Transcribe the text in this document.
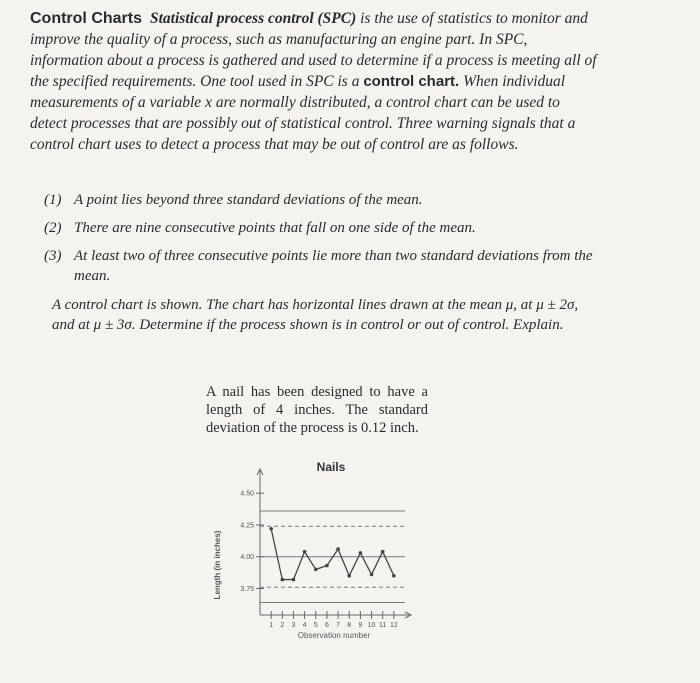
Control Charts Statistical process control (SPC) is the use of statistics to monitor and improve the quality of a process, such as manufacturing an engine part. In SPC, information about a process is gathered and used to determine if a process is meeting all of the specified requirements. One tool used in SPC is a control chart. When individual measurements of a variable x are normally distributed, a control chart can be used to detect processes that are possibly out of statistical control. Three warning signals that a control chart uses to detect a process that may be out of control are as follows.
(1) A point lies beyond three standard deviations of the mean.
(2) There are nine consecutive points that fall on one side of the mean.
(3) At least two of three consecutive points lie more than two standard deviations from the mean.
A control chart is shown. The chart has horizontal lines drawn at the mean μ, at μ ± 2σ, and at μ ± 3σ. Determine if the process shown is in control or out of control. Explain.
A nail has been designed to have a length of 4 inches. The standard deviation of the process is 0.12 inch.
Nails
Length (in inches)
Observation number
4.50
4.25
4.00
3.75
1 2 3 4 5 6 7 8 9 10 11 12
